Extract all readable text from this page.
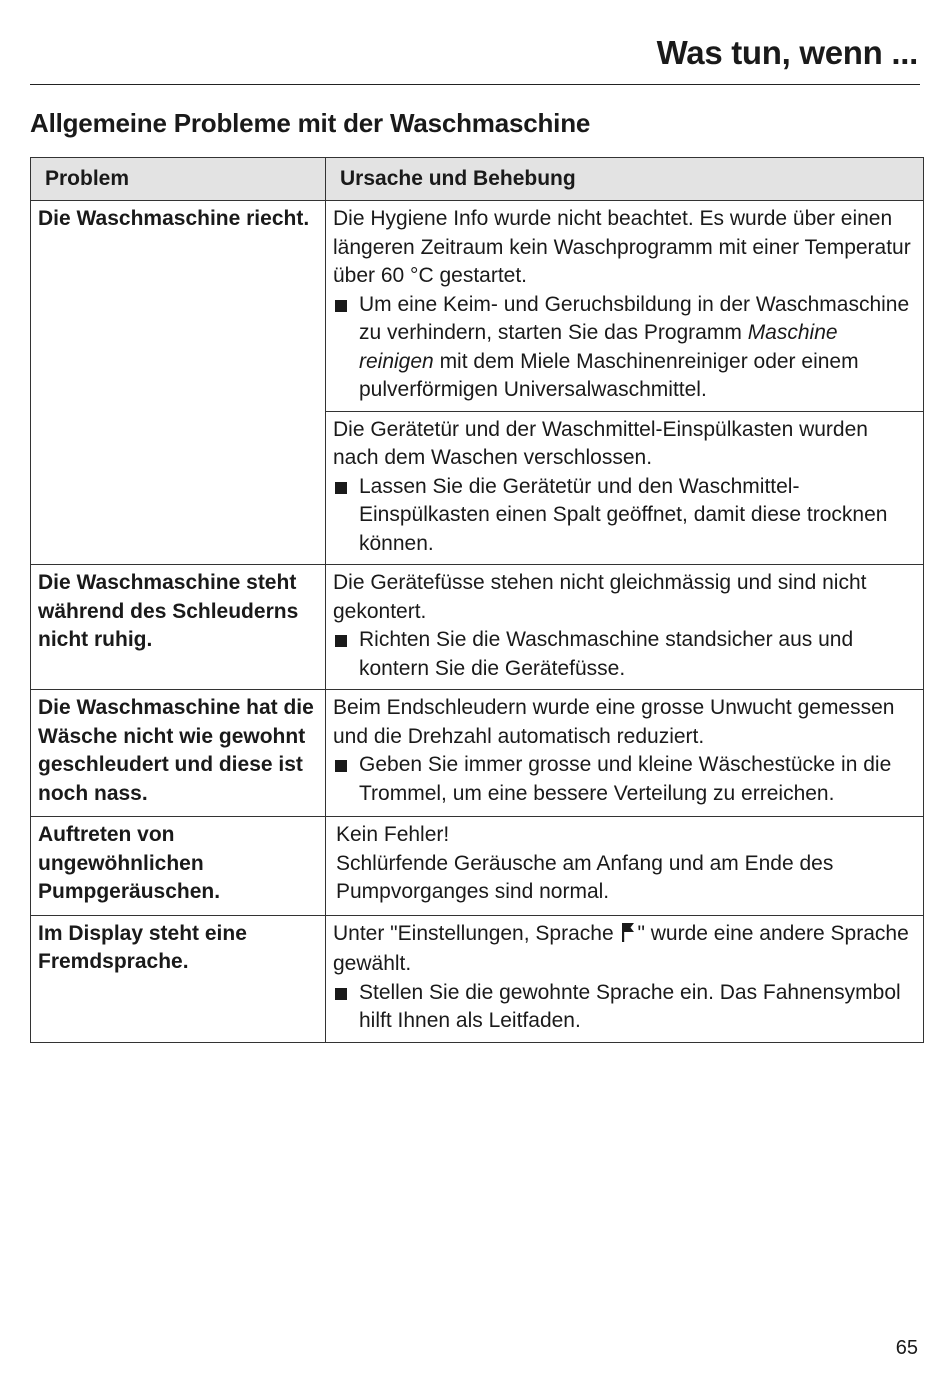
Was tun, wenn ...
Allgemeine Probleme mit der Waschmaschine
Problem	Ursache und Behebung
Die Waschmaschine riecht.	Die Hygiene Info wurde nicht beachtet. Es wurde über einen längeren Zeitraum kein Waschprogramm mit einer Temperatur über 60 °C gestartet.
Um eine Keim- und Geruchsbildung in der Waschmaschine zu verhindern, starten Sie das Programm Maschine reinigen mit dem Miele Maschinenreiniger oder einem pulverförmigen Universalwaschmittel.

	Die Gerätetür und der Waschmittel-Einspülkasten wurden nach dem Waschen verschlossen.
Lassen Sie die Gerätetür und den Waschmittel-Einspülkasten einen Spalt geöffnet, damit diese trocknen können.

Die Waschmaschine steht während des Schleuderns nicht ruhig.	Die Gerätefüsse stehen nicht gleichmässig und sind nicht gekontert.
Richten Sie die Waschmaschine standsicher aus und kontern Sie die Gerätefüsse.

Die Waschmaschine hat die Wäsche nicht wie gewohnt geschleudert und diese ist noch nass.	Beim Endschleudern wurde eine grosse Unwucht gemessen und die Drehzahl automatisch reduziert.
Geben Sie immer grosse und kleine Wäschestücke in die Trommel, um eine bessere Verteilung zu erreichen.

Auftreten von ungewöhnlichen Pumpgeräuschen.	Kein Fehler!
Schlürfende Geräusche am Anfang und am Ende des Pumpvorganges sind normal.

Im Display steht eine Fremdsprache.	Unter "Einstellungen, Sprache " wurde eine andere Sprache gewählt.
Stellen Sie die gewohnte Sprache ein. Das Fahnensymbol hilft Ihnen als Leitfaden.
65
